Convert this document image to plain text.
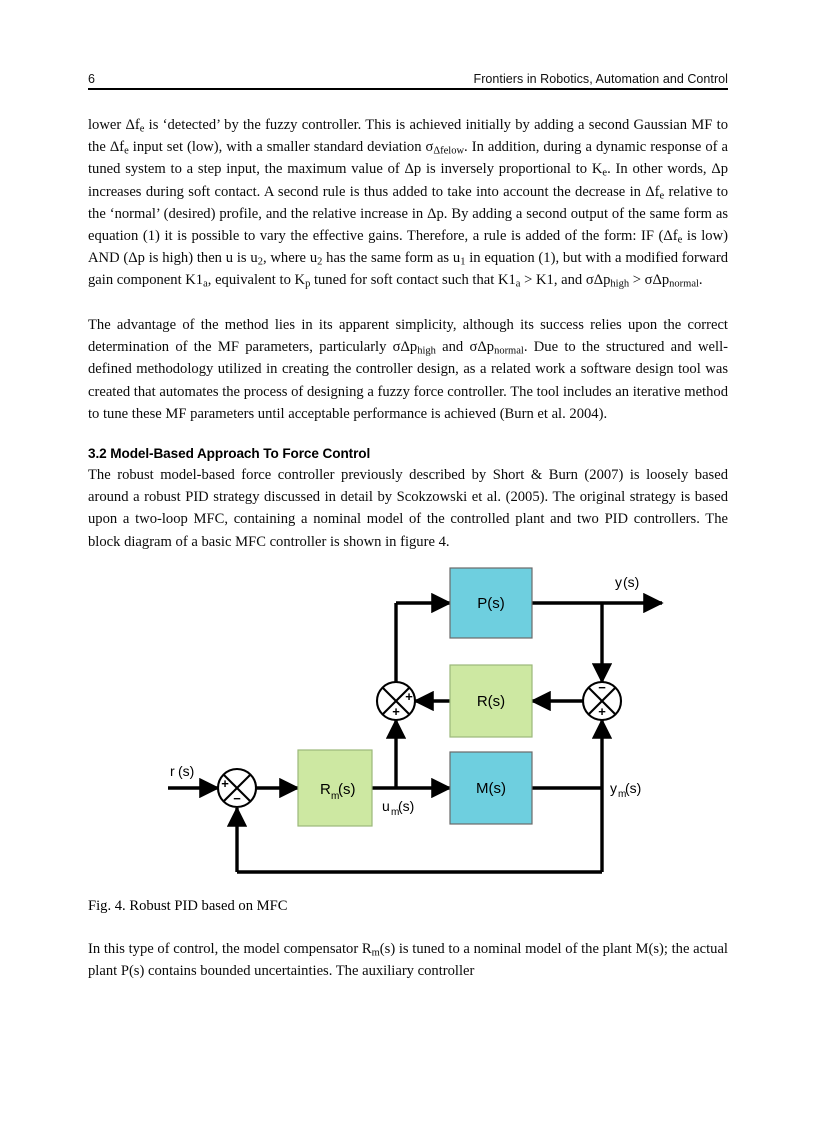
6	Frontiers in Robotics, Automation and Control
lower $\Delta f_e$ is ‘detected’ by the fuzzy controller. This is achieved initially by adding a second Gaussian MF to the $\Delta f_e$ input set (low), with a smaller standard deviation $\sigma_{\Delta felow}$. In addition, during a dynamic response of a tuned system to a step input, the maximum value of Δp is inversely proportional to $K_e$. In other words, Δp increases during soft contact. A second rule is thus added to take into account the decrease in $\Delta f_e$ relative to the ‘normal’ (desired) profile, and the relative increase in Δp. By adding a second output of the same form as equation (1) it is possible to vary the effective gains. Therefore, a rule is added of the form: IF ($\Delta f_e$ is low) AND (Δp is high) then u is $u_2$, where $u_2$ has the same form as $u_1$ in equation (1), but with a modified forward gain component $K1_a$, equivalent to $K_p$ tuned for soft contact such that $K1_a > K1$, and σΔp$_{high}$ > σΔp$_{normal}$.
The advantage of the method lies in its apparent simplicity, although its success relies upon the correct determination of the MF parameters, particularly σΔp$_{high}$ and σΔp$_{normal}$. Due to the structured and well-defined methodology utilized in creating the controller design, as a related work a software design tool was created that automates the process of designing a fuzzy force controller. The tool includes an iterative method to tune these MF parameters until acceptable performance is achieved (Burn et al. 2004).
3.2 Model-Based Approach To Force Control
The robust model-based force controller previously described by Short & Burn (2007) is loosely based around a robust PID strategy discussed in detail by Scokzowski et al. (2005). The original strategy is based upon a two-loop MFC, containing a nominal model of the controlled plant and two PID controllers. The block diagram of a basic MFC controller is shown in figure 4.
P(s)
R(s)
M(s)
R m
(s)
+
−
+
+
−
+
r (s)
y (s)
u m
(s)
y m
(s)
Fig. 4. Robust PID based on MFC
In this type of control, the model compensator $R_m(s)$ is tuned to a nominal model of the plant M(s); the actual plant P(s) contains bounded uncertainties. The auxiliary controller
